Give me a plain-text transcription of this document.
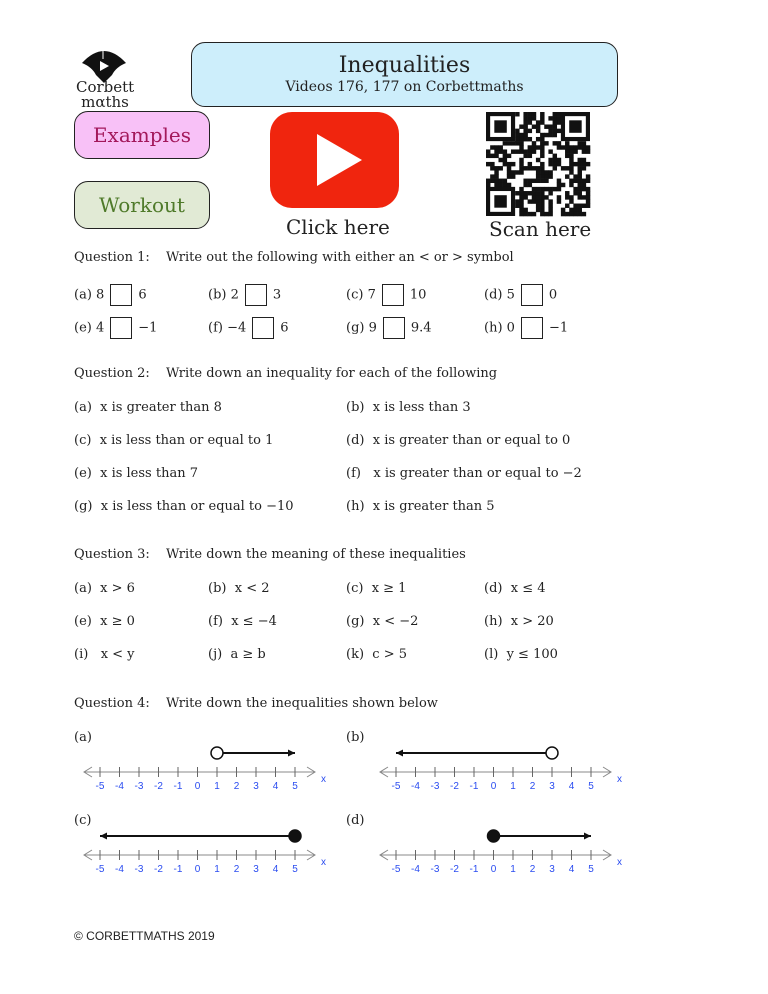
Corbett
mαths
Inequalities
Videos 176, 177 on Corbettmaths
Examples
Workout
Click here	Scan here
Question 1: Write out the following with either an < or > symbol
Question 2: Write down an inequality for each of the following
Question 3: Write down the meaning of these inequalities
Question 4: Write down the inequalities shown below
© CORBETTMATHS 2019
(a) 8	6	(b) 2	3	(c) 7	10	(d) 5	0
(e) 4	−1	(f) −4	6	(g) 9	9.4	(h) 0	−1
(a)  x is greater than 8	(b)  x is less than 3
(c)  x is less than or equal to 1	(d)  x is greater than or equal to 0
(e)  x is less than 7	(f)   x is greater than or equal to −2
(g)  x is less than or equal to −10	(h)  x is greater than 5
(a)  x > 6	(b)  x < 2	(c)  x ≥ 1	(d)  x ≤ 4
(e)  x ≥ 0	(f)  x ≤ −4	(g)  x < −2	(h)  x > 20
(i)   x < y	(j)  a ≥ b	(k)  c > 5	(l)  y ≤ 100
(a)
-5 -4 -3 -2 -1 0 1 2 3 4 5
x
(b)
-5 -4 -3 -2 -1 0 1 2 3 4 5
x
(c)
-5 -4 -3 -2 -1 0 1 2 3 4 5
x
(d)
-5 -4 -3 -2 -1 0 1 2 3 4 5
x
